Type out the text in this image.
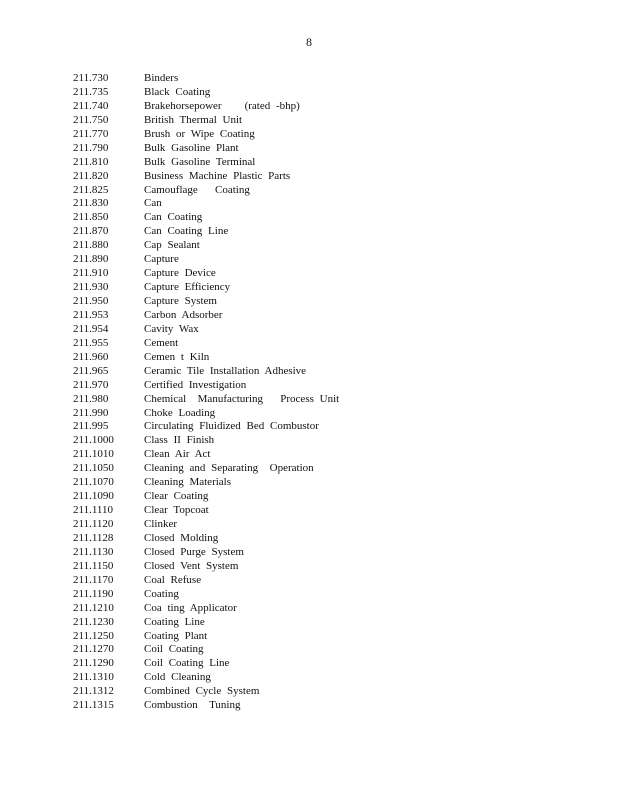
8
211.730	Binders
211.735	Black Coating
211.740	Brakehorsepower    (rated -bhp)
211.750	British Thermal Unit
211.770	Brush or Wipe Coating
211.790	Bulk Gasoline Plant
211.810	Bulk Gasoline Terminal
211.820	Business Machine Plastic Parts
211.825	Camouflage   Coating
211.830	Can
211.850	Can Coating
211.870	Can Coating Line
211.880	Cap Sealant
211.890	Capture
211.910	Capture Device
211.930	Capture Efficiency
211.950	Capture System
211.953	Carbon Adsorber
211.954	Cavity Wax
211.955	Cement
211.960	Cemen t Kiln
211.965	Ceramic Tile Installation Adhesive
211.970	Certified Investigation
211.980	Chemical  Manufacturing   Process Unit
211.990	Choke Loading
211.995	Circulating Fluidized Bed Combustor
211.1000	Class II Finish
211.1010	Clean Air Act
211.1050	Cleaning and Separating  Operation
211.1070	Cleaning Materials
211.1090	Clear Coating
211.1110	Clear Topcoat
211.1120	Clinker
211.1128	Closed Molding
211.1130	Closed Purge System
211.1150	Closed Vent System
211.1170	Coal Refuse
211.1190	Coating
211.1210	Coa ting Applicator
211.1230	Coating Line
211.1250	Coating Plant
211.1270	Coil Coating
211.1290	Coil Coating Line
211.1310	Cold Cleaning
211.1312	Combined Cycle System
211.1315	Combustion  Tuning
